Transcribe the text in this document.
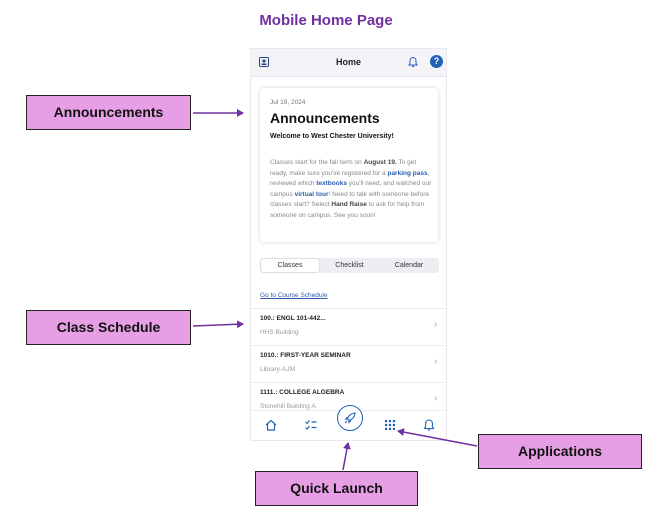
Mobile Home Page
Home	?
Jul 19, 2024
Announcements
Welcome to West Chester University!
Classes start for the fall term on August 19. To get ready, make sure you've registered for a parking pass, reviewed which textbooks you'll need, and watched our campus virtual tour! Need to talk with someone before classes start? Select Hand Raise to ask for help from someone on campus. See you soon!
Classes	Checklist	Calendar
Go to Course Schedule
100.: ENGL 101-442...
HHS Building
›
1010.: FIRST-YEAR SEMINAR
Library-AJM
›
1111.: COLLEGE ALGEBRA
Stonehill Building A
›
Announcements
Class Schedule
Applications
Quick Launch
